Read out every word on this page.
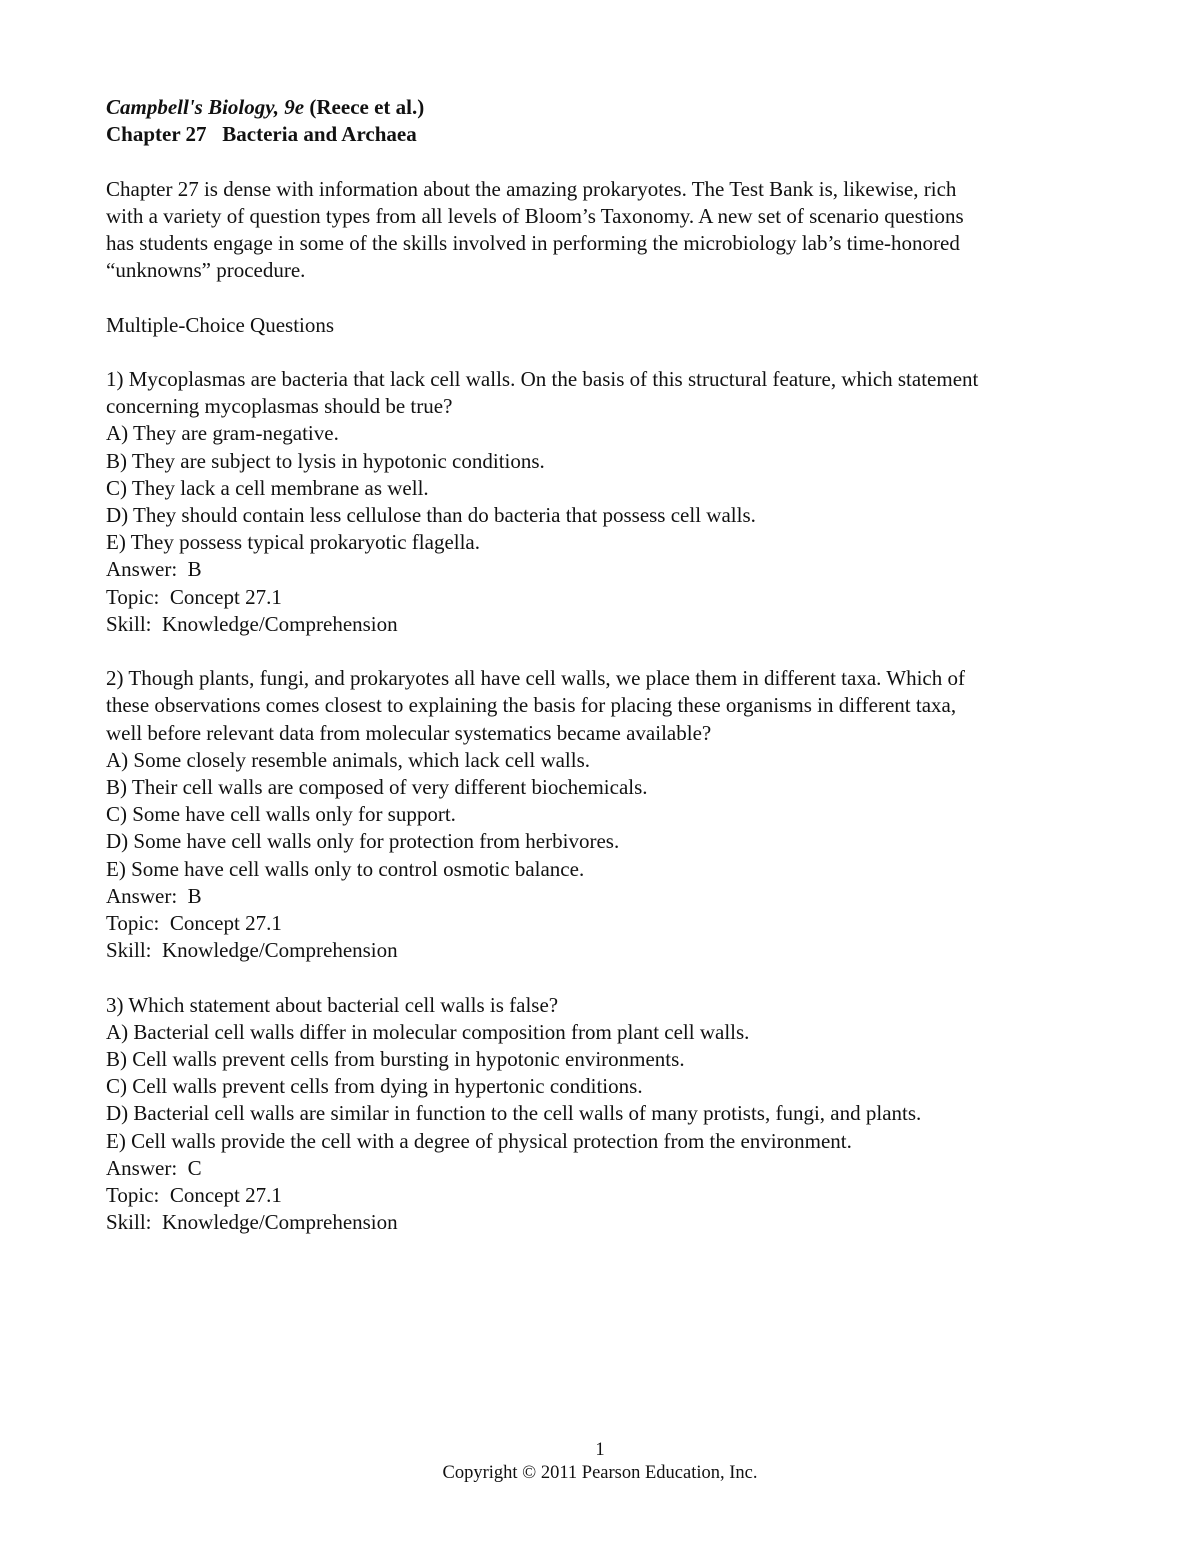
Campbell's Biology, 9e (Reece et al.)
Chapter 27   Bacteria and Archaea
Chapter 27 is dense with information about the amazing prokaryotes. The Test Bank is, likewise, rich
with a variety of question types from all levels of Bloom’s Taxonomy. A new set of scenario questions
has students engage in some of the skills involved in performing the microbiology lab’s time-honored
“unknowns” procedure.
Multiple-Choice Questions
1) Mycoplasmas are bacteria that lack cell walls. On the basis of this structural feature, which statement
concerning mycoplasmas should be true?
A) They are gram-negative.
B) They are subject to lysis in hypotonic conditions.
C) They lack a cell membrane as well.
D) They should contain less cellulose than do bacteria that possess cell walls.
E) They possess typical prokaryotic flagella.
Answer:  B
Topic:  Concept 27.1
Skill:  Knowledge/Comprehension
2) Though plants, fungi, and prokaryotes all have cell walls, we place them in different taxa. Which of
these observations comes closest to explaining the basis for placing these organisms in different taxa,
well before relevant data from molecular systematics became available?
A) Some closely resemble animals, which lack cell walls.
B) Their cell walls are composed of very different biochemicals.
C) Some have cell walls only for support.
D) Some have cell walls only for protection from herbivores.
E) Some have cell walls only to control osmotic balance.
Answer:  B
Topic:  Concept 27.1
Skill:  Knowledge/Comprehension
3) Which statement about bacterial cell walls is false?
A) Bacterial cell walls differ in molecular composition from plant cell walls.
B) Cell walls prevent cells from bursting in hypotonic environments.
C) Cell walls prevent cells from dying in hypertonic conditions.
D) Bacterial cell walls are similar in function to the cell walls of many protists, fungi, and plants.
E) Cell walls provide the cell with a degree of physical protection from the environment.
Answer:  C
Topic:  Concept 27.1
Skill:  Knowledge/Comprehension
1
Copyright © 2011 Pearson Education, Inc.
